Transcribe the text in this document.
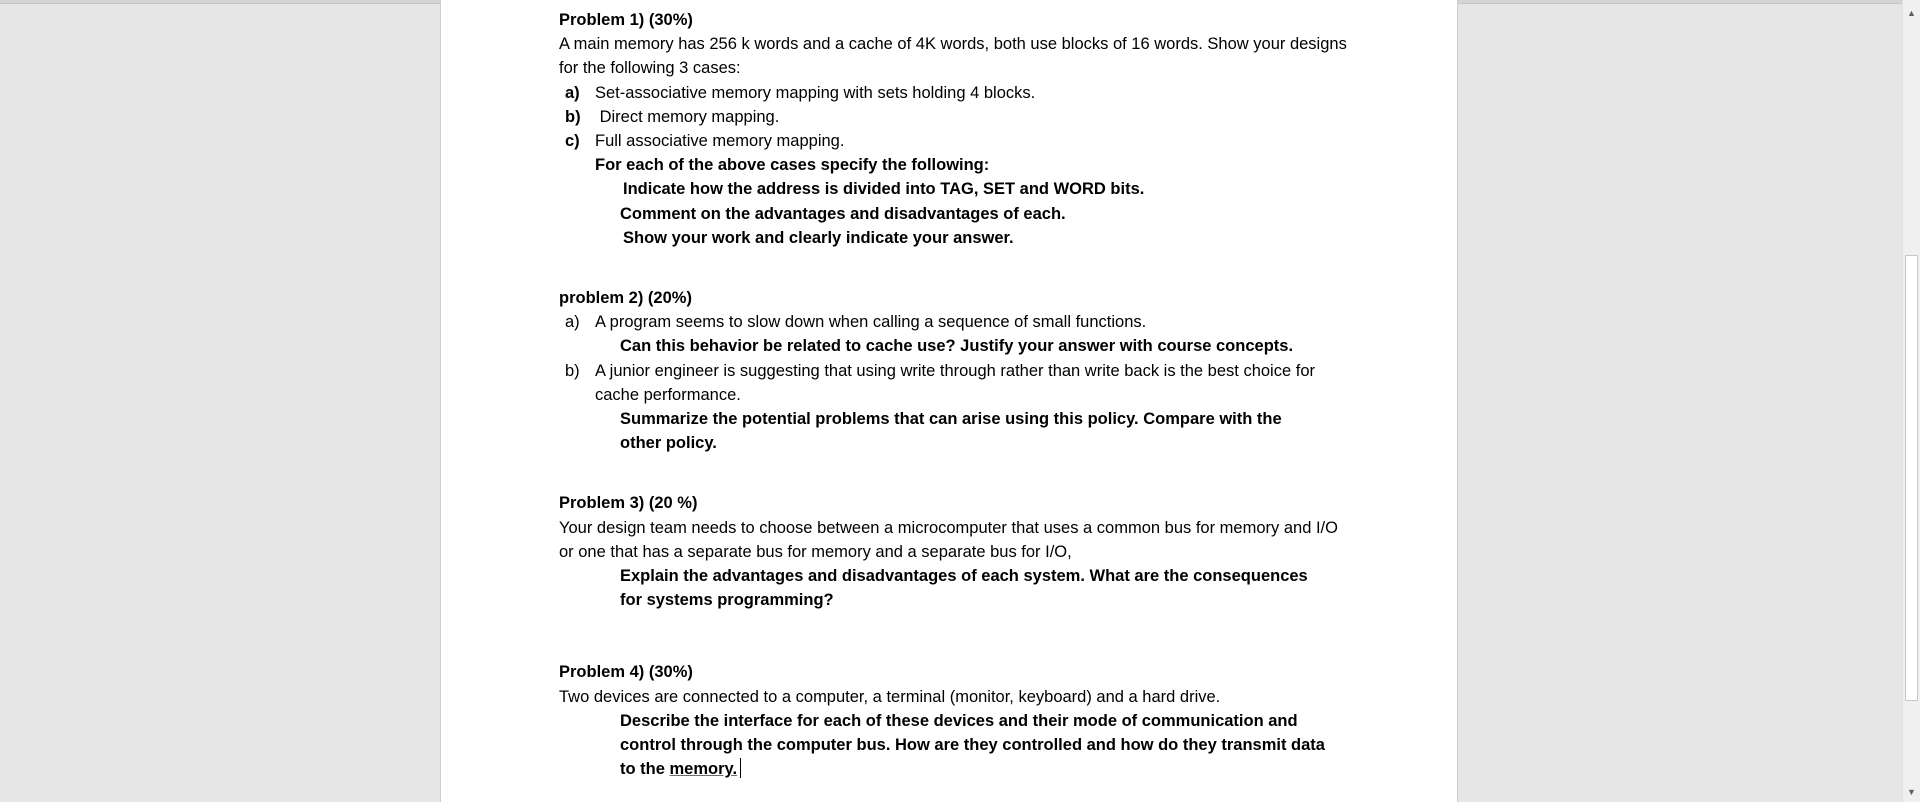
Problem 1) (30%)

A main memory has 256 k words and a cache of 4K words, both use blocks of 16 words. Show your designs for the following 3 cases:

a) Set-associative memory mapping with sets holding 4 blocks.
b) Direct memory mapping.
c) Full associative memory mapping.

For each of the above cases specify the following:

Indicate how the address is divided into TAG, SET and WORD bits.

Comment on the advantages and disadvantages of each.

Show your work and clearly indicate your answer.

problem 2) (20%)

a) A program seems to slow down when calling a sequence of small functions.

Can this behavior be related to cache use? Justify your answer with course concepts.

b) A junior engineer is suggesting that using write through rather than write back is the best choice for cache performance.

Summarize the potential problems that can arise using this policy. Compare with the other policy.

Problem 3) (20 %)

Your design team needs to choose between a microcomputer that uses a common bus for memory and I/O or one that has a separate bus for memory and a separate bus for I/O,

Explain the advantages and disadvantages of each system. What are the consequences for systems programming?

Problem 4) (30%)

Two devices are connected to a computer, a terminal (monitor, keyboard) and a hard drive.

Describe the interface for each of these devices and their mode of communication and control through the computer bus. How are they controlled and how do they transmit data to the memory.

▲
▼
